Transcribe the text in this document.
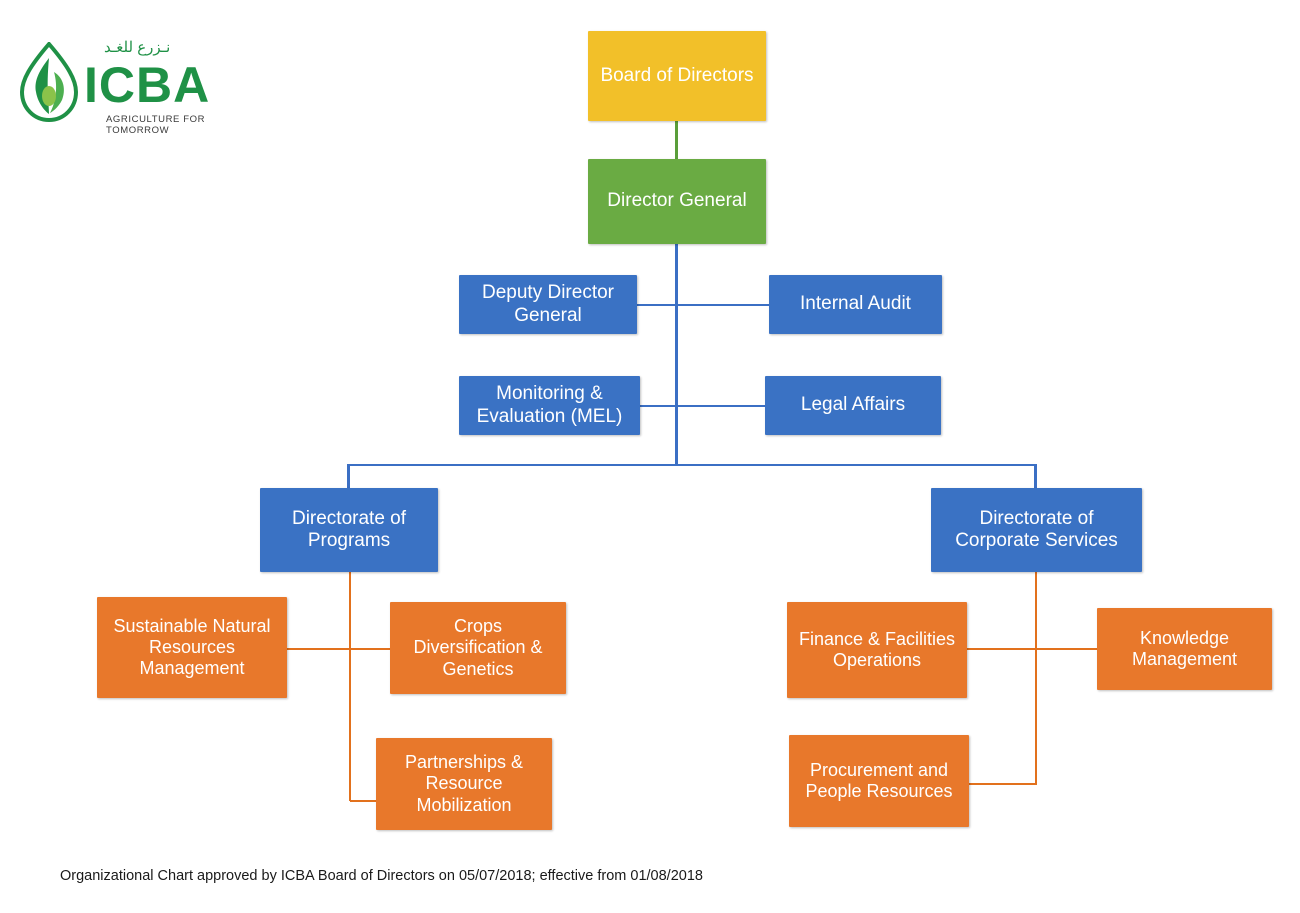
نـزرع للغـد
ICBA
AGRICULTURE FOR TOMORROW
Board of Directors
Director General
Deputy Director General
Internal Audit
Monitoring & Evaluation (MEL)
Legal Affairs
Directorate of Programs
Directorate of Corporate Services
Sustainable Natural Resources Management
Crops Diversification & Genetics
Partnerships & Resource Mobilization
Finance & Facilities Operations
Knowledge Management
Procurement and People Resources
Organizational Chart approved by ICBA Board of Directors on 05/07/2018; effective from 01/08/2018
